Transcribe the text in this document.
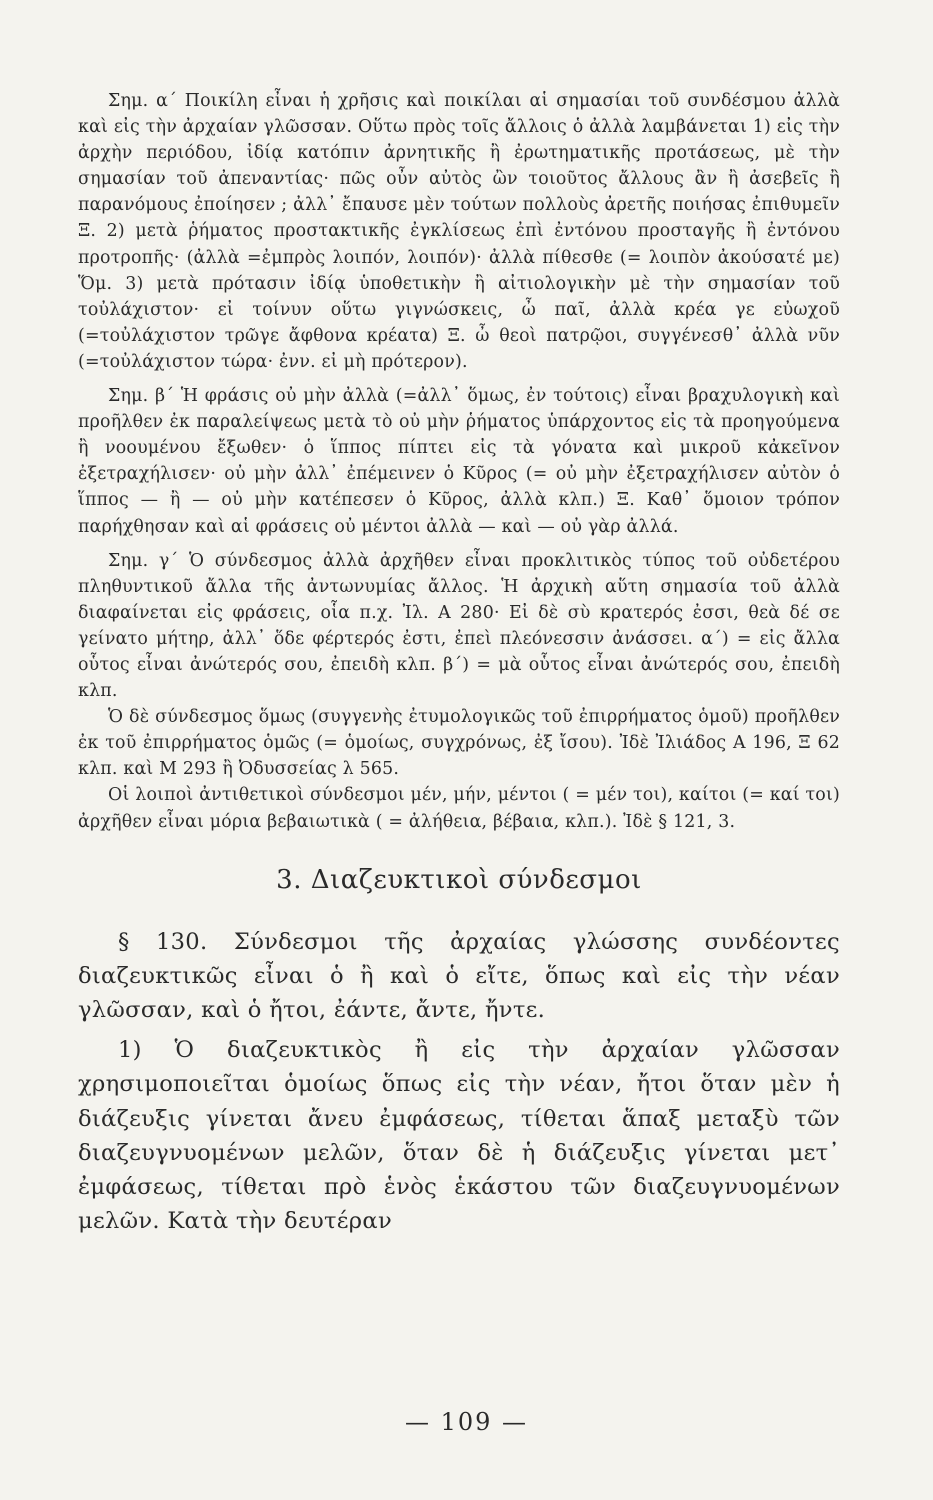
Σημ. α΄ Ποικίλη εἶναι ἡ χρῆσις καὶ ποικίλαι αἱ σημασίαι τοῦ συνδέσμου ἀλλὰ καὶ εἰς τὴν ἀρχαίαν γλῶσσαν. Οὕτω πρὸς τοῖς ἄλλοις ὁ ἀλλὰ λαμβάνεται 1) εἰς τὴν ἀρχὴν περιόδου, ἰδίᾳ κατόπιν ἀρνητικῆς ἢ ἐρωτηματικῆς προτάσεως, μὲ τὴν σημασίαν τοῦ ἀπεναντίας· πῶς οὖν αὐτὸς ὢν τοιοῦτος ἄλλους ἂν ἢ ἀσεβεῖς ἢ παρανόμους ἐποίησεν ; ἀλλ᾽ ἔπαυσε μὲν τούτων πολλοὺς ἀρετῆς ποιήσας ἐπιθυμεῖν Ξ. 2) μετὰ ῥήματος προστακτικῆς ἐγκλίσεως ἐπὶ ἐντόνου προσταγῆς ἢ ἐντόνου προτροπῆς· (ἀλλὰ =ἐμπρὸς λοιπόν, λοιπόν)· ἀλλὰ πίθεσθε (= λοιπὸν ἀκούσατέ με) Ὅμ. 3) μετὰ πρότασιν ἰδίᾳ ὑποθετικὴν ἢ αἰτιολογικὴν μὲ τὴν σημασίαν τοῦ τοὐλάχιστον· εἰ τοίνυν οὕτω γιγνώσκεις, ὦ παῖ, ἀλλὰ κρέα γε εὐωχοῦ (=τοὐλάχιστον τρῶγε ἄφθονα κρέατα) Ξ. ὦ θεοὶ πατρῷοι, συγγένεσθ᾽ ἀλλὰ νῦν (=τοὐλάχιστον τώρα· ἐνν. εἰ μὴ πρότερον).

Σημ. β΄ Ἡ φράσις οὐ μὴν ἀλλὰ (=ἀλλ᾽ ὅμως, ἐν τούτοις) εἶναι βραχυλογικὴ καὶ προῆλθεν ἐκ παραλείψεως μετὰ τὸ οὐ μὴν ῥήματος ὑπάρχοντος εἰς τὰ προηγούμενα ἢ νοουμένου ἔξωθεν· ὁ ἵππος πίπτει εἰς τὰ γόνατα καὶ μικροῦ κἀκεῖνον ἐξετραχήλισεν· οὐ μὴν ἀλλ᾽ ἐπέμεινεν ὁ Κῦρος (= οὐ μὴν ἐξετραχήλισεν αὐτὸν ὁ ἵππος — ἢ — οὐ μὴν κατέπεσεν ὁ Κῦρος, ἀλλὰ κλπ.) Ξ. Καθ᾽ ὅμοιον τρόπον παρήχθησαν καὶ αἱ φράσεις οὐ μέντοι ἀλλὰ — καὶ — οὐ γὰρ ἀλλά.

Σημ. γ΄ Ὁ σύνδεσμος ἀλλὰ ἀρχῆθεν εἶναι προκλιτικὸς τύπος τοῦ οὐδετέρου πληθυντικοῦ ἄλλα τῆς ἀντωνυμίας ἄλλος. Ἡ ἀρχικὴ αὕτη σημασία τοῦ ἀλλὰ διαφαίνεται εἰς φράσεις, οἷα π.χ. Ἰλ. Α 280· Εἰ δὲ σὺ κρατερός ἐσσι, θεὰ δέ σε γείνατο μήτηρ, ἀλλ᾽ ὅδε φέρτερός ἐστι, ἐπεὶ πλεόνεσσιν ἀνάσσει. α΄) = εἰς ἄλλα οὗτος εἶναι ἀνώτερός σου, ἐπειδὴ κλπ. β΄) = μὰ οὗτος εἶναι ἀνώτερός σου, ἐπειδὴ κλπ.

Ὁ δὲ σύνδεσμος ὅμως (συγγενὴς ἐτυμολογικῶς τοῦ ἐπιρρήματος ὁμοῦ) προῆλθεν ἐκ τοῦ ἐπιρρήματος ὁμῶς (= ὁμοίως, συγχρόνως, ἐξ ἴσου). Ἰδὲ Ἰλιάδος Α 196, Ξ 62 κλπ. καὶ Μ 293 ἢ Ὀδυσσείας λ 565.

Οἱ λοιποὶ ἀντιθετικοὶ σύνδεσμοι μέν, μήν, μέντοι ( = μέν τοι), καίτοι (= καί τοι) ἀρχῆθεν εἶναι μόρια βεβαιωτικὰ ( = ἀλήθεια, βέβαια, κλπ.). Ἰδὲ § 121, 3.

3. Διαζευκτικοὶ σύνδεσμοι

§ 130. Σύνδεσμοι τῆς ἀρχαίας γλώσσης συνδέοντες διαζευκτικῶς εἶναι ὁ ἢ καὶ ὁ εἴτε, ὅπως καὶ εἰς τὴν νέαν γλῶσσαν, καὶ ὁ ἤτοι, ἐάντε, ἄντε, ἤντε.

1) Ὁ διαζευκτικὸς ἢ εἰς τὴν ἀρχαίαν γλῶσσαν χρησιμοποιεῖται ὁμοίως ὅπως εἰς τὴν νέαν, ἤτοι ὅταν μὲν ἡ διάζευξις γίνεται ἄνευ ἐμφάσεως, τίθεται ἅπαξ μεταξὺ τῶν διαζευγνυομένων μελῶν, ὅταν δὲ ἡ διάζευξις γίνεται μετ᾽ ἐμφάσεως, τίθεται πρὸ ἑνὸς ἑκάστου τῶν διαζευγνυομένων μελῶν. Κατὰ τὴν δευτέραν

— 109 —
